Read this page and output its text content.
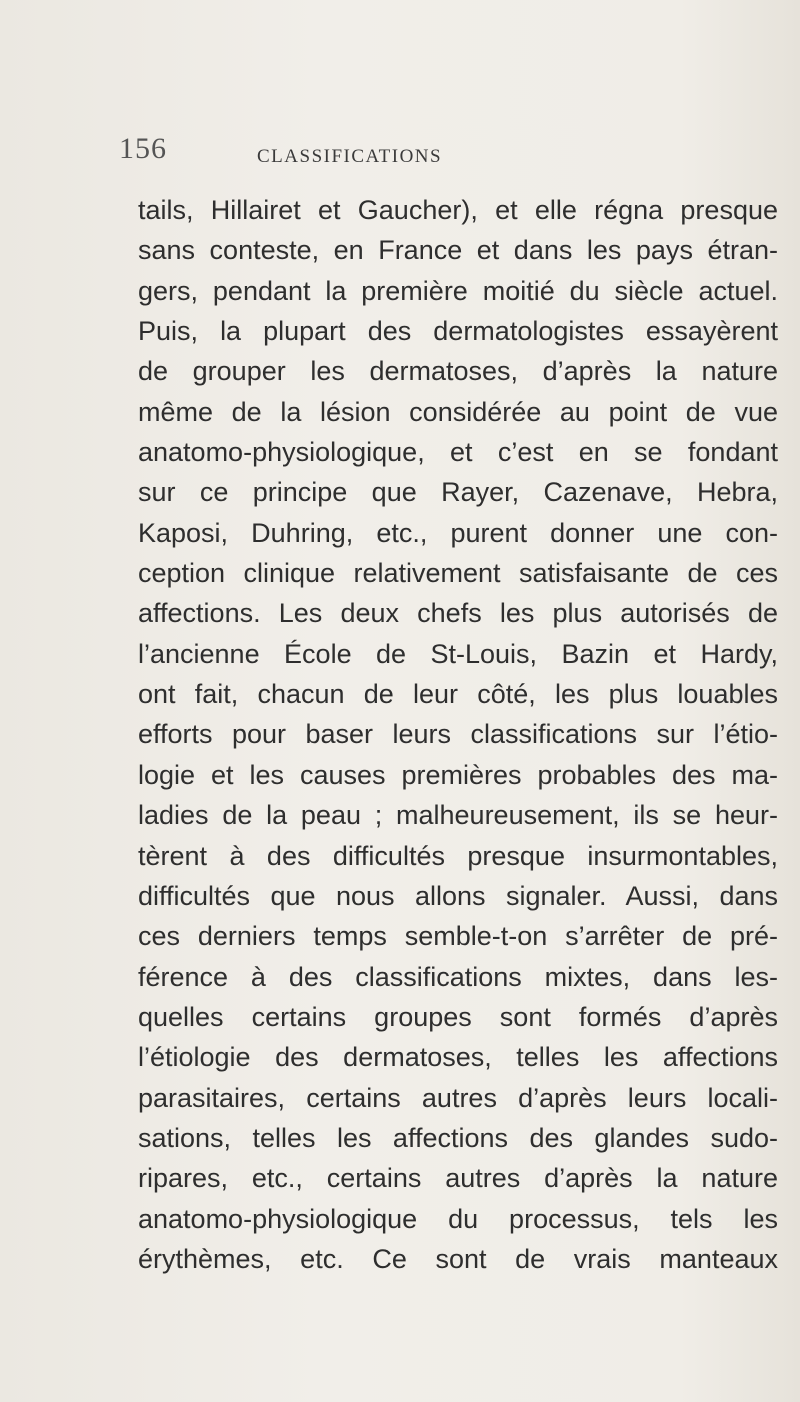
156	CLASSIFICATIONS
tails, Hillairet et Gaucher), et elle régna presque
sans conteste, en France et dans les pays étran-
gers, pendant la première moitié du siècle actuel.
Puis, la plupart des dermatologistes essayèrent
de grouper les dermatoses, d’après la nature
même de la lésion considérée au point de vue
anatomo-physiologique, et c’est en se fondant
sur ce principe que Rayer, Cazenave, Hebra,
Kaposi, Duhring, etc., purent donner une con-
ception clinique relativement satisfaisante de ces
affections. Les deux chefs les plus autorisés de
l’ancienne École de St-Louis, Bazin et Hardy,
ont fait, chacun de leur côté, les plus louables
efforts pour baser leurs classifications sur l’étio-
logie et les causes premières probables des ma-
ladies de la peau ; malheureusement, ils se heur-
tèrent à des difficultés presque insurmontables,
difficultés que nous allons signaler. Aussi, dans
ces derniers temps semble-t-on s’arrêter de pré-
férence à des classifications mixtes, dans les-
quelles certains groupes sont formés d’après
l’étiologie des dermatoses, telles les affections
parasitaires, certains autres d’après leurs locali-
sations, telles les affections des glandes sudo-
ripares, etc., certains autres d’après la nature
anatomo-physiologique du processus, tels les
érythèmes, etc. Ce sont de vrais manteaux
